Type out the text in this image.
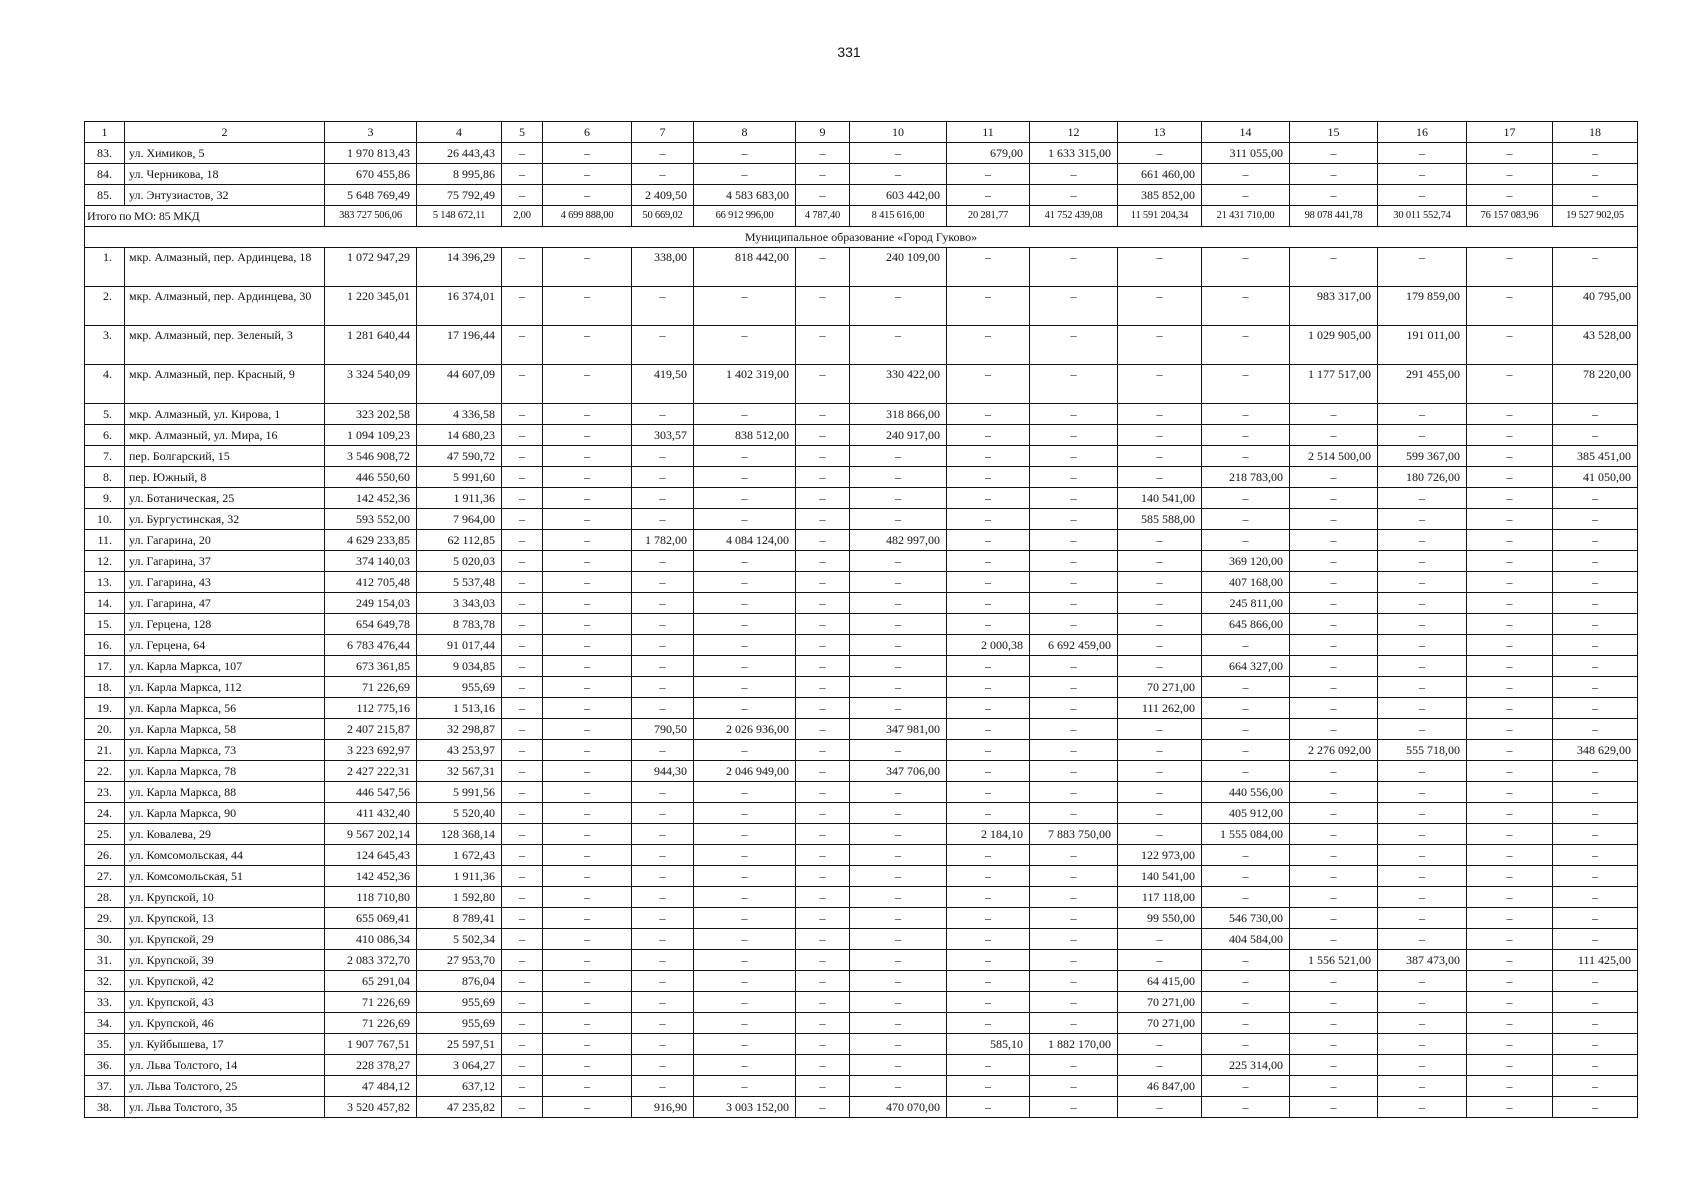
331
1	2	3	4	5	6	7	8	9	10	11	12	13	14	15	16	17	18
83.	ул. Химиков, 5	1 970 813,43	26 443,43	–	–	–	–	–	–	679,00	1 633 315,00	–	311 055,00	–	–	–	–
84.	ул. Черникова, 18	670 455,86	8 995,86	–	–	–	–	–	–	–	–	661 460,00	–	–	–	–	–
85.	ул. Энтузиастов, 32	5 648 769,49	75 792,49	–	–	2 409,50	4 583 683,00	–	603 442,00	–	–	385 852,00	–	–	–	–	–
Итого по МО: 85 МКД		383 727 506,06	5 148 672,11	2,00	4 699 888,00	50 669,02	66 912 996,00	4 787,40	8 415 616,00	20 281,77	41 752 439,08	11 591 204,34	21 431 710,00	98 078 441,78	30 011 552,74	76 157 083,96	19 527 902,05
Муниципальное образование «Город Гуково»																	
1.	мкр. Алмазный, пер. Ардинцева, 18	1 072 947,29	14 396,29	–	–	338,00	818 442,00	–	240 109,00	–	–	–	–	–	–	–	–
2.	мкр. Алмазный, пер. Ардинцева, 30	1 220 345,01	16 374,01	–	–	–	–	–	–	–	–	–	–	983 317,00	179 859,00	–	40 795,00
3.	мкр. Алмазный, пер. Зеленый, 3	1 281 640,44	17 196,44	–	–	–	–	–	–	–	–	–	–	1 029 905,00	191 011,00	–	43 528,00
4.	мкр. Алмазный, пер. Красный, 9	3 324 540,09	44 607,09	–	–	419,50	1 402 319,00	–	330 422,00	–	–	–	–	1 177 517,00	291 455,00	–	78 220,00
5.	мкр. Алмазный, ул. Кирова, 1	323 202,58	4 336,58	–	–	–	–	–	318 866,00	–	–	–	–	–	–	–	–
6.	мкр. Алмазный, ул. Мира, 16	1 094 109,23	14 680,23	–	–	303,57	838 512,00	–	240 917,00	–	–	–	–	–	–	–	–
7.	пер. Болгарский, 15	3 546 908,72	47 590,72	–	–	–	–	–	–	–	–	–	–	2 514 500,00	599 367,00	–	385 451,00
8.	пер. Южный, 8	446 550,60	5 991,60	–	–	–	–	–	–	–	–	–	218 783,00	–	180 726,00	–	41 050,00
9.	ул. Ботаническая, 25	142 452,36	1 911,36	–	–	–	–	–	–	–	–	140 541,00	–	–	–	–	–
10.	ул. Бургустинская, 32	593 552,00	7 964,00	–	–	–	–	–	–	–	–	585 588,00	–	–	–	–	–
11.	ул. Гагарина, 20	4 629 233,85	62 112,85	–	–	1 782,00	4 084 124,00	–	482 997,00	–	–	–	–	–	–	–	–
12.	ул. Гагарина, 37	374 140,03	5 020,03	–	–	–	–	–	–	–	–	–	369 120,00	–	–	–	–
13.	ул. Гагарина, 43	412 705,48	5 537,48	–	–	–	–	–	–	–	–	–	407 168,00	–	–	–	–
14.	ул. Гагарина, 47	249 154,03	3 343,03	–	–	–	–	–	–	–	–	–	245 811,00	–	–	–	–
15.	ул. Герцена, 128	654 649,78	8 783,78	–	–	–	–	–	–	–	–	–	645 866,00	–	–	–	–
16.	ул. Герцена, 64	6 783 476,44	91 017,44	–	–	–	–	–	–	2 000,38	6 692 459,00	–	–	–	–	–	–
17.	ул. Карла Маркса, 107	673 361,85	9 034,85	–	–	–	–	–	–	–	–	–	664 327,00	–	–	–	–
18.	ул. Карла Маркса, 112	71 226,69	955,69	–	–	–	–	–	–	–	–	70 271,00	–	–	–	–	–
19.	ул. Карла Маркса, 56	112 775,16	1 513,16	–	–	–	–	–	–	–	–	111 262,00	–	–	–	–	–
20.	ул. Карла Маркса, 58	2 407 215,87	32 298,87	–	–	790,50	2 026 936,00	–	347 981,00	–	–	–	–	–	–	–	–
21.	ул. Карла Маркса, 73	3 223 692,97	43 253,97	–	–	–	–	–	–	–	–	–	–	2 276 092,00	555 718,00	–	348 629,00
22.	ул. Карла Маркса, 78	2 427 222,31	32 567,31	–	–	944,30	2 046 949,00	–	347 706,00	–	–	–	–	–	–	–	–
23.	ул. Карла Маркса, 88	446 547,56	5 991,56	–	–	–	–	–	–	–	–	–	440 556,00	–	–	–	–
24.	ул. Карла Маркса, 90	411 432,40	5 520,40	–	–	–	–	–	–	–	–	–	405 912,00	–	–	–	–
25.	ул. Ковалева, 29	9 567 202,14	128 368,14	–	–	–	–	–	–	2 184,10	7 883 750,00	–	1 555 084,00	–	–	–	–
26.	ул. Комсомольская, 44	124 645,43	1 672,43	–	–	–	–	–	–	–	–	122 973,00	–	–	–	–	–
27.	ул. Комсомольская, 51	142 452,36	1 911,36	–	–	–	–	–	–	–	–	140 541,00	–	–	–	–	–
28.	ул. Крупской, 10	118 710,80	1 592,80	–	–	–	–	–	–	–	–	117 118,00	–	–	–	–	–
29.	ул. Крупской, 13	655 069,41	8 789,41	–	–	–	–	–	–	–	–	99 550,00	546 730,00	–	–	–	–
30.	ул. Крупской, 29	410 086,34	5 502,34	–	–	–	–	–	–	–	–	–	404 584,00	–	–	–	–
31.	ул. Крупской, 39	2 083 372,70	27 953,70	–	–	–	–	–	–	–	–	–	–	1 556 521,00	387 473,00	–	111 425,00
32.	ул. Крупской, 42	65 291,04	876,04	–	–	–	–	–	–	–	–	64 415,00	–	–	–	–	–
33.	ул. Крупской, 43	71 226,69	955,69	–	–	–	–	–	–	–	–	70 271,00	–	–	–	–	–
34.	ул. Крупской, 46	71 226,69	955,69	–	–	–	–	–	–	–	–	70 271,00	–	–	–	–	–
35.	ул. Куйбышева, 17	1 907 767,51	25 597,51	–	–	–	–	–	–	585,10	1 882 170,00	–	–	–	–	–	–
36.	ул. Льва Толстого, 14	228 378,27	3 064,27	–	–	–	–	–	–	–	–	–	225 314,00	–	–	–	–
37.	ул. Льва Толстого, 25	47 484,12	637,12	–	–	–	–	–	–	–	–	46 847,00	–	–	–	–	–
38.	ул. Льва Толстого, 35	3 520 457,82	47 235,82	–	–	916,90	3 003 152,00	–	470 070,00	–	–	–	–	–	–	–	–
